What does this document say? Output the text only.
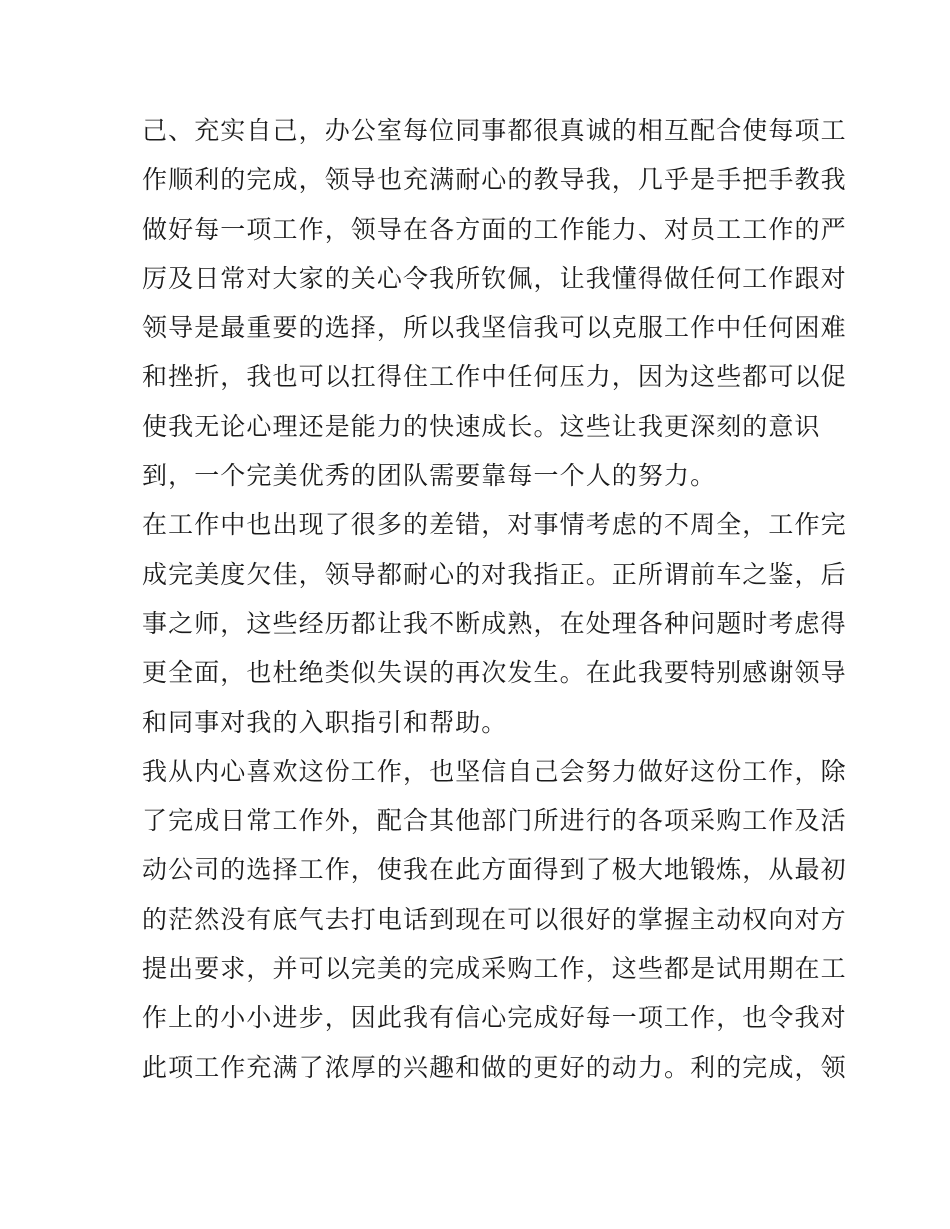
己、充实自己，办公室每位同事都很真诚的相互配合使每项工
作顺利的完成，领导也充满耐心的教导我，几乎是手把手教我
做好每一项工作，领导在各方面的工作能力、对员工工作的严
厉及日常对大家的关心令我所钦佩，让我懂得做任何工作跟对
领导是最重要的选择，所以我坚信我可以克服工作中任何困难
和挫折，我也可以扛得住工作中任何压力，因为这些都可以促
使我无论心理还是能力的快速成长。这些让我更深刻的意识
到，一个完美优秀的团队需要靠每一个人的努力。
在工作中也出现了很多的差错，对事情考虑的不周全，工作完
成完美度欠佳，领导都耐心的对我指正。正所谓前车之鉴，后
事之师，这些经历都让我不断成熟，在处理各种问题时考虑得
更全面，也杜绝类似失误的再次发生。在此我要特别感谢领导
和同事对我的入职指引和帮助。
我从内心喜欢这份工作，也坚信自己会努力做好这份工作，除
了完成日常工作外，配合其他部门所进行的各项采购工作及活
动公司的选择工作，使我在此方面得到了极大地锻炼，从最初
的茫然没有底气去打电话到现在可以很好的掌握主动权向对方
提出要求，并可以完美的完成采购工作，这些都是试用期在工
作上的小小进步，因此我有信心完成好每一项工作，也令我对
此项工作充满了浓厚的兴趣和做的更好的动力。利的完成，领
